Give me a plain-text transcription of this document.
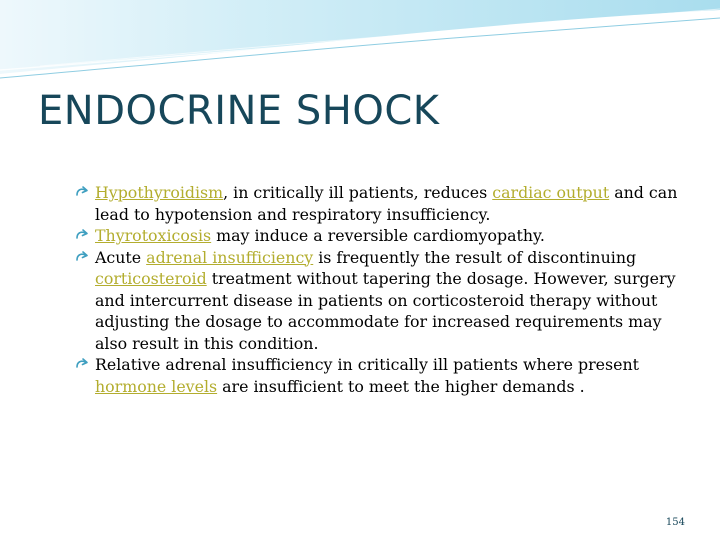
ENDOCRINE SHOCK
Hypothyroidism, in critically ill patients, reduces cardiac output and can lead to hypotension and respiratory insufficiency.
Thyrotoxicosis may induce a reversible cardiomyopathy.
Acute adrenal insufficiency is frequently the result of discontinuing corticosteroid treatment without tapering the dosage. However, surgery and intercurrent disease in patients on corticosteroid therapy without adjusting the dosage to accommodate for increased requirements may also result in this condition.
Relative adrenal insufficiency in critically ill patients where present hormone levels are insufficient to meet the higher demands .
154
